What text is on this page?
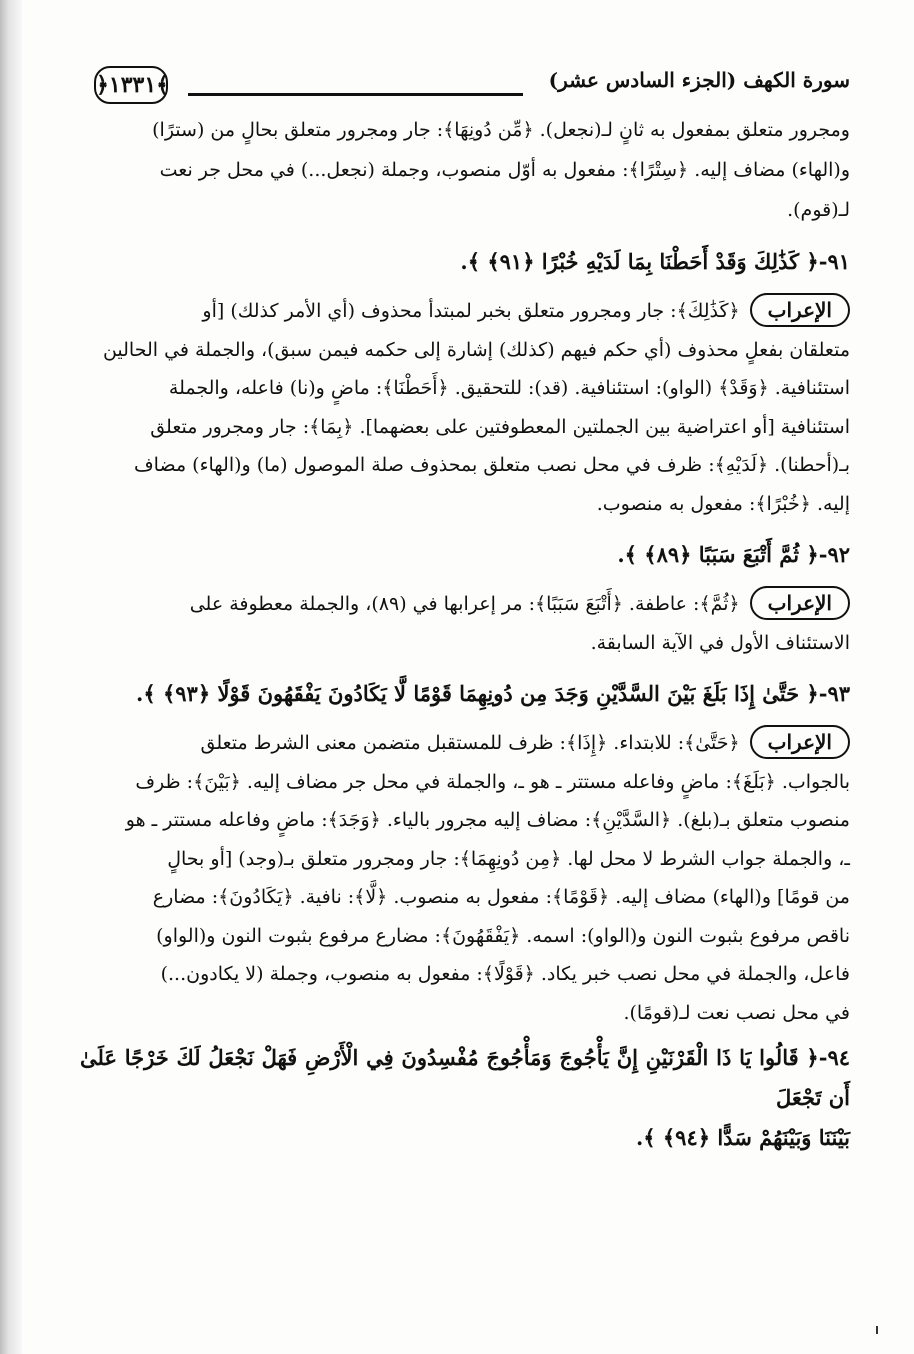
﴿١٣٣١﴾	سورة الكهف (الجزء السادس عشر)

ومجرور متعلق بمفعول به ثانٍ لـ(نجعل). ﴿مِّن دُونِهَا﴾: جار ومجرور متعلق بحالٍ من (سترًا)

و(الهاء) مضاف إليه. ﴿سِتْرًا﴾: مفعول به أوّل منصوب، وجملة (نجعل...) في محل جر نعت

لـ(قوم).

٩١-﴿ كَذَٰلِكَ وَقَدْ أَحَطْنَا بِمَا لَدَيْهِ خُبْرًا ﴿٩١﴾ ﴾.

الإعراب﴿كَذَٰلِكَ﴾: جار ومجرور متعلق بخبر لمبتدأ محذوف (أي الأمر كذلك) [أو

متعلقان بفعلٍ محذوف (أي حكم فيهم (كذلك) إشارة إلى حكمه فيمن سبق)، والجملة في الحالين

استئنافية. ﴿وَقَدْ﴾ (الواو): استئنافية. (قد): للتحقيق. ﴿أَحَطْنَا﴾: ماضٍ و(نا) فاعله، والجملة

استئنافية [أو اعتراضية بين الجملتين المعطوفتين على بعضهما]. ﴿بِمَا﴾: جار ومجرور متعلق

بـ(أحطنا). ﴿لَدَيْهِ﴾: ظرف في محل نصب متعلق بمحذوف صلة الموصول (ما) و(الهاء) مضاف

إليه. ﴿خُبْرًا﴾: مفعول به منصوب.

٩٢-﴿ ثُمَّ أَتْبَعَ سَبَبًا ﴿٨٩﴾ ﴾.

الإعراب﴿ثُمَّ﴾: عاطفة. ﴿أَتْبَعَ سَبَبًا﴾: مر إعرابها في (٨٩)، والجملة معطوفة على

الاستئناف الأول في الآية السابقة.

٩٣-﴿ حَتَّىٰ إِذَا بَلَغَ بَيْنَ السَّدَّيْنِ وَجَدَ مِن دُونِهِمَا قَوْمًا لَّا يَكَادُونَ يَفْقَهُونَ قَوْلًا ﴿٩٣﴾ ﴾.

الإعراب﴿حَتَّىٰ﴾: للابتداء. ﴿إِذَا﴾: ظرف للمستقبل متضمن معنى الشرط متعلق

بالجواب. ﴿بَلَغَ﴾: ماضٍ وفاعله مستتر ـ هو ـ، والجملة في محل جر مضاف إليه. ﴿بَيْنَ﴾: ظرف

منصوب متعلق بـ(بلغ). ﴿السَّدَّيْنِ﴾: مضاف إليه مجرور بالياء. ﴿وَجَدَ﴾: ماضٍ وفاعله مستتر ـ هو

ـ، والجملة جواب الشرط لا محل لها. ﴿مِن دُونِهِمَا﴾: جار ومجرور متعلق بـ(وجد) [أو بحالٍ

من قومًا] و(الهاء) مضاف إليه. ﴿قَوْمًا﴾: مفعول به منصوب. ﴿لَّا﴾: نافية. ﴿يَكَادُونَ﴾: مضارع

ناقص مرفوع بثبوت النون و(الواو): اسمه. ﴿يَفْقَهُونَ﴾: مضارع مرفوع بثبوت النون و(الواو)

فاعل، والجملة في محل نصب خبر يكاد. ﴿قَوْلًا﴾: مفعول به منصوب، وجملة (لا يكادون...)

في محل نصب نعت لـ(قومًا).

٩٤-﴿ قَالُوا يَا ذَا الْقَرْنَيْنِ إِنَّ يَأْجُوجَ وَمَأْجُوجَ مُفْسِدُونَ فِي الْأَرْضِ فَهَلْ نَجْعَلُ لَكَ خَرْجًا عَلَىٰ أَن تَجْعَلَ

بَيْنَنَا وَبَيْنَهُمْ سَدًّا ﴿٩٤﴾ ﴾.
